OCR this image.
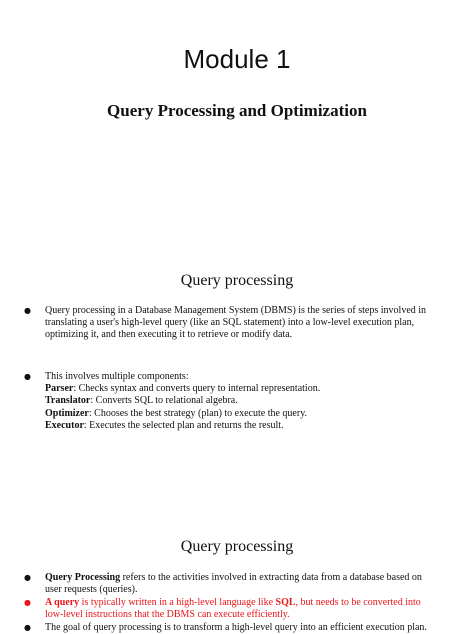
Module 1
Query Processing and Optimization
Query processing
● Query processing in a Database Management System (DBMS) is the series of steps involved in
translating a user's high-level query (like an SQL statement) into a low-level execution plan,
optimizing it, and then executing it to retrieve or modify data.
● This involves multiple components:
Parser: Checks syntax and converts query to internal representation.
Translator: Converts SQL to relational algebra.
Optimizer: Chooses the best strategy (plan) to execute the query.
Executor: Executes the selected plan and returns the result.
Query processing
● Query Processing refers to the activities involved in extracting data from a database based on
user requests (queries).
● A query is typically written in a high-level language like SQL, but needs to be converted into
low-level instructions that the DBMS can execute efficiently.
● The goal of query processing is to transform a high-level query into an efficient execution plan.
